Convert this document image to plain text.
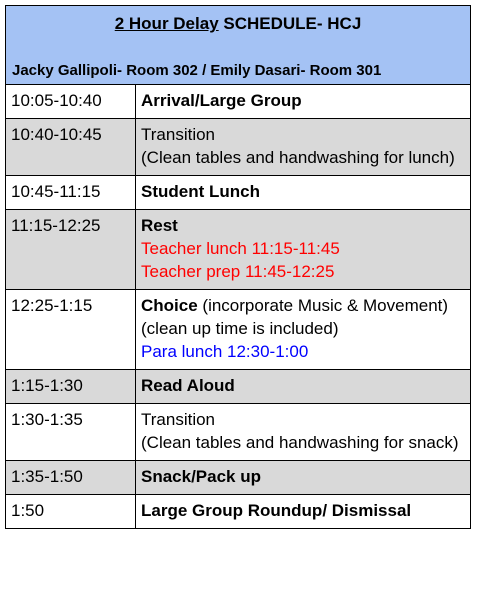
2 Hour Delay SCHEDULE- HCJ
Jacky Gallipoli- Room 302 / Emily Dasari- Room 301
10:05-10:40	Arrival/Large Group
10:40-10:45	Transition
(Clean tables and handwashing for lunch)

10:45-11:15	Student Lunch
11:15-12:25	Rest
Teacher lunch 11:15-11:45
Teacher prep 11:45-12:25

12:25-1:15	Choice (incorporate Music & Movement)
(clean up time is included)
Para lunch 12:30-1:00

1:15-1:30	Read Aloud
1:30-1:35	Transition
(Clean tables and handwashing for snack)

1:35-1:50	Snack/Pack up
1:50	Large Group Roundup/ Dismissal
